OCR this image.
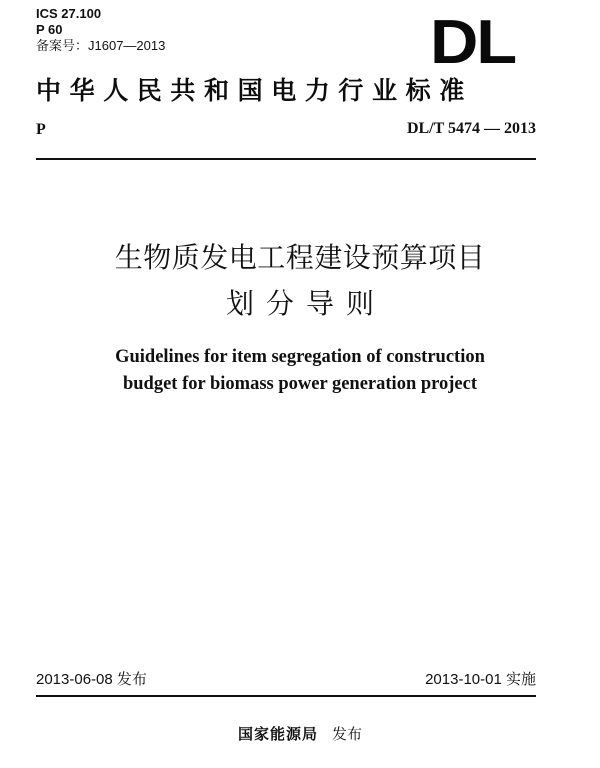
ICS 27.100
P 60
备案号：J1607—2013	DL
中华人民共和国电力行业标准
P	DL/T 5474 — 2013
生物质发电工程建设预算项目
划分导则
Guidelines for item segregation of construction
budget for biomass power generation project
2013-06-08 发布	2013-10-01 实施
国家能源局 发布
